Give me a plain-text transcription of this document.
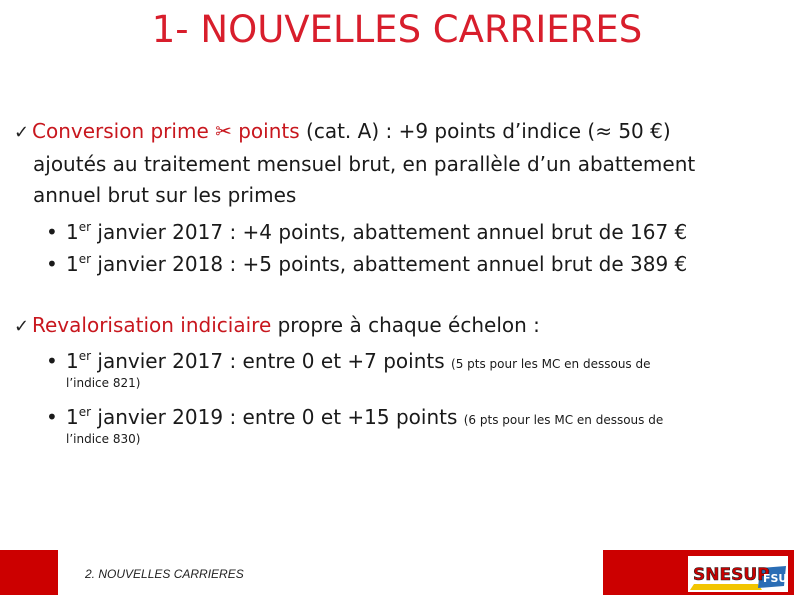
1- NOUVELLES CARRIERES
✓ Conversion prime ✂ points (cat. A) : +9 points d’indice (≈ 50 €)
ajoutés au traitement mensuel brut, en parallèle d’un abattement
annuel brut sur les primes
• 1er janvier 2017 : +4 points, abattement annuel brut de 167 €
• 1er janvier 2018 : +5 points, abattement annuel brut de 389 €
✓ Revalorisation indiciaire propre à chaque échelon :
• 1er janvier 2017 : entre 0 et +7 points (5 pts pour les MC en dessous de
l’indice 821)
• 1er janvier 2019 : entre 0 et +15 points (6 pts pour les MC en dessous de
l’indice 830)
2. NOUVELLES CARRIERES	SNESUP
FSU
